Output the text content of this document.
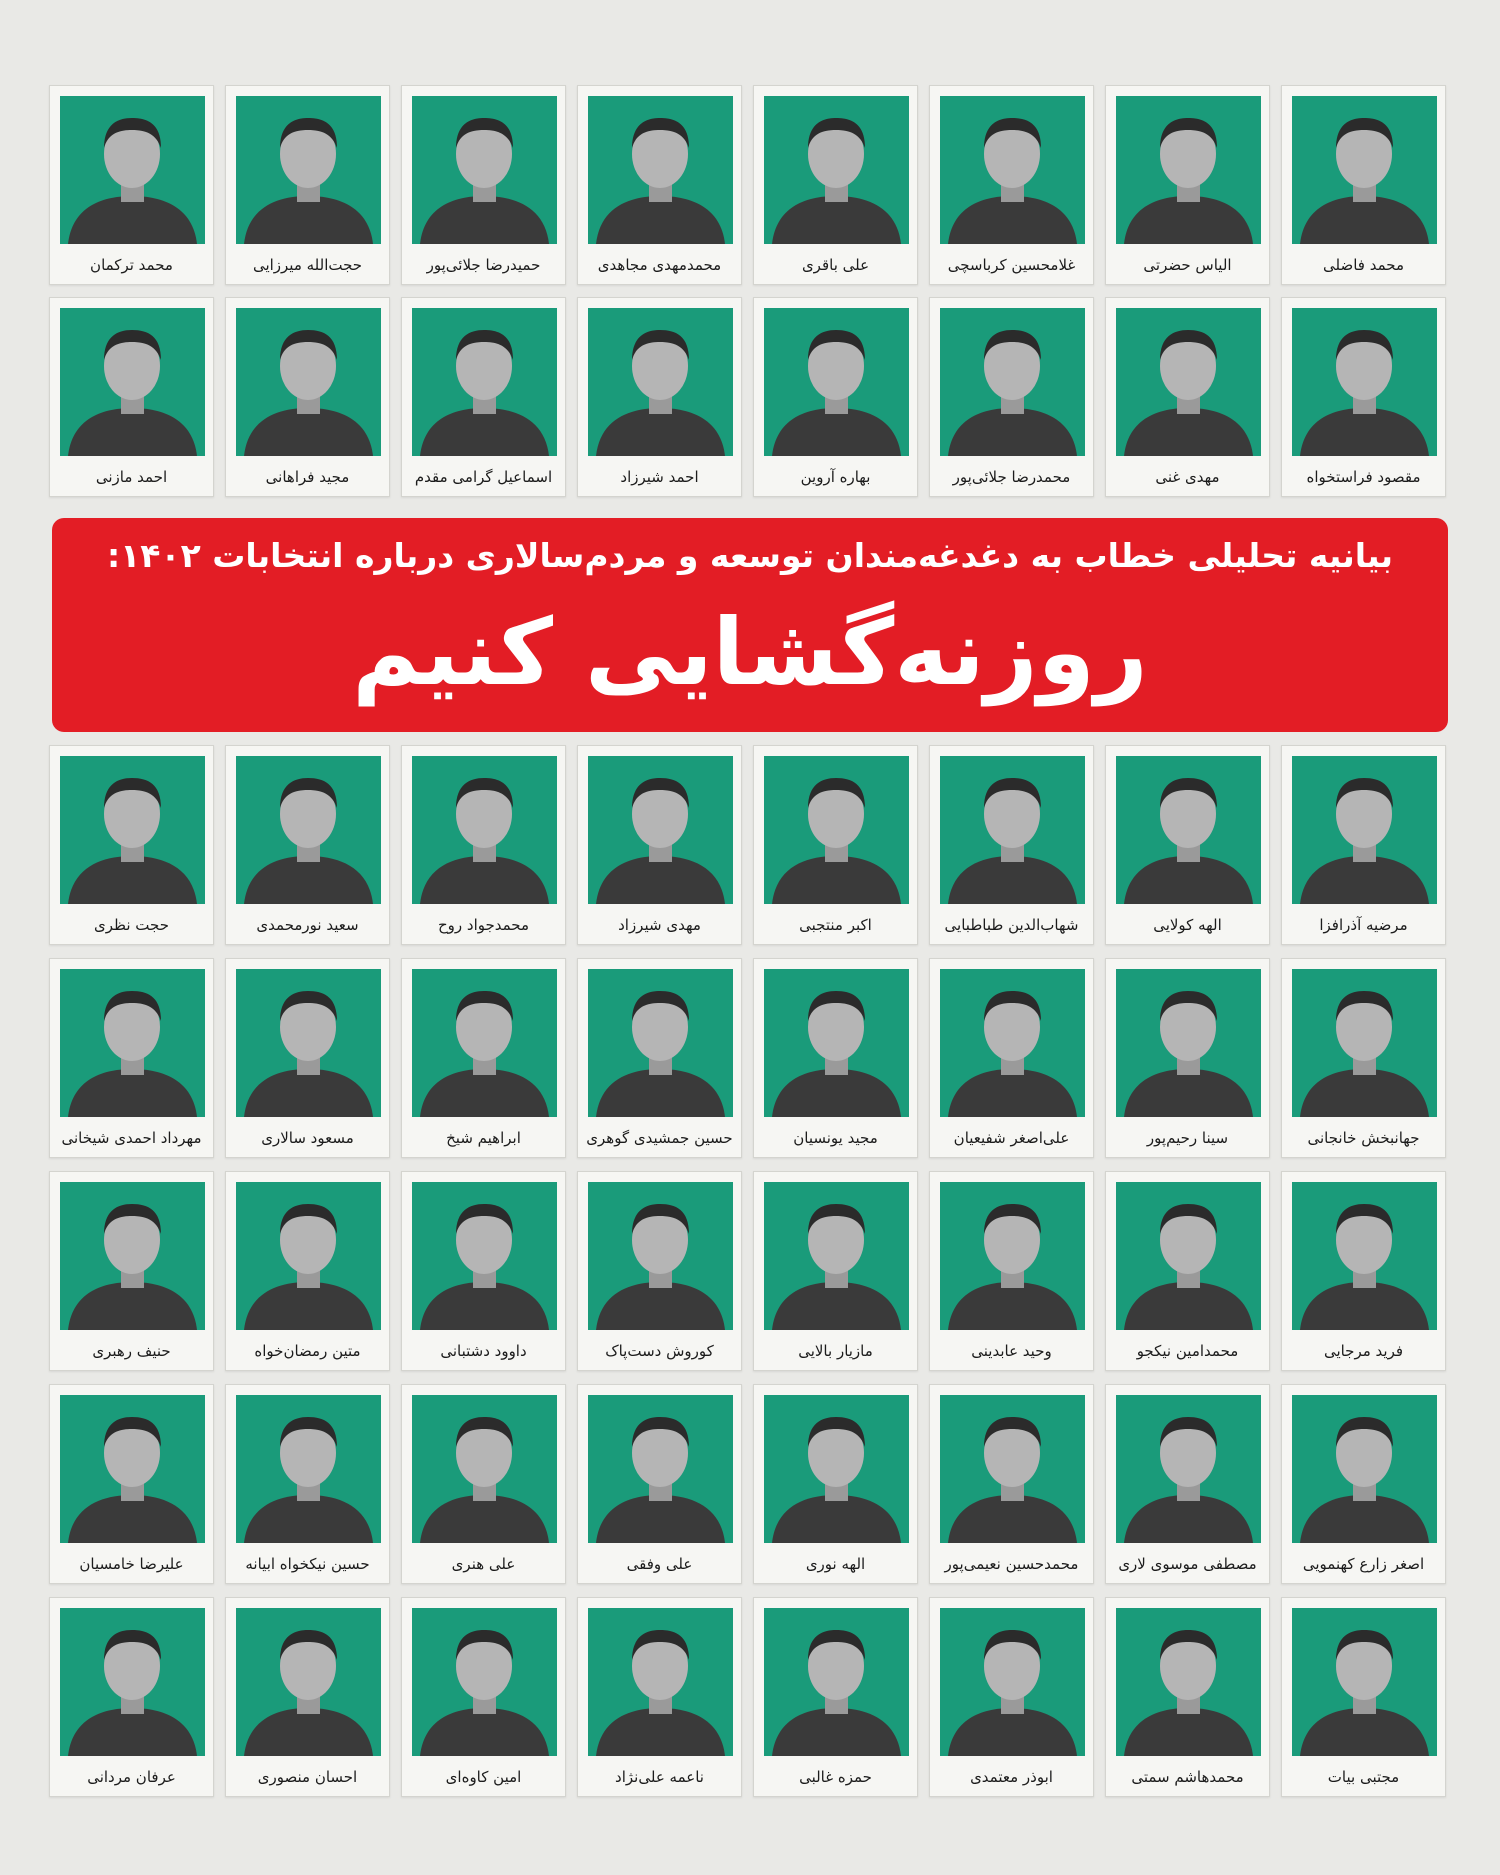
محمد فاضلی
الیاس حضرتی
غلامحسین کرباسچی
علی باقری
محمدمهدی مجاهدی
حمیدرضا جلائی‌پور
حجت‌الله میرزایی
محمد ترکمان
مقصود فراستخواه
مهدی غنی
محمدرضا جلائی‌پور
بهاره آروین
احمد شیرزاد
اسماعیل گرامی مقدم
مجید فراهانی
احمد مازنی
بیانیه تحلیلی خطاب به دغدغه‌مندان توسعه و مردم‌سالاری درباره انتخابات ۱۴۰۲:
روزنه‌گشایی کنیم
مرضیه آذرافزا
الهه کولایی
شهاب‌الدین طباطبایی
اکبر منتجبی
مهدی شیرزاد
محمدجواد روح
سعید نورمحمدی
حجت نظری
جهانبخش خانجانی
سینا رحیم‌پور
علی‌اصغر شفیعیان
مجید یونسیان
حسین جمشیدی گوهری
ابراهیم شیخ
مسعود سالاری
مهرداد احمدی شیخانی
فرید مرجایی
محمدامین نیکجو
وحید عابدینی
مازیار بالایی
کوروش دست‌پاک
داوود دشتبانی
متین رمضان‌خواه
حنیف رهبری
اصغر زارع کهنمویی
مصطفی موسوی لاری
محمدحسین نعیمی‌پور
الهه نوری
علی وفقی
علی هنری
حسین نیکخواه ابیانه
علیرضا خامسیان
مجتبی بیات
محمدهاشم سمتی
ابوذر معتمدی
حمزه غالبی
ناعمه علی‌نژاد
امین کاوه‌ای
احسان منصوری
عرفان مردانی
